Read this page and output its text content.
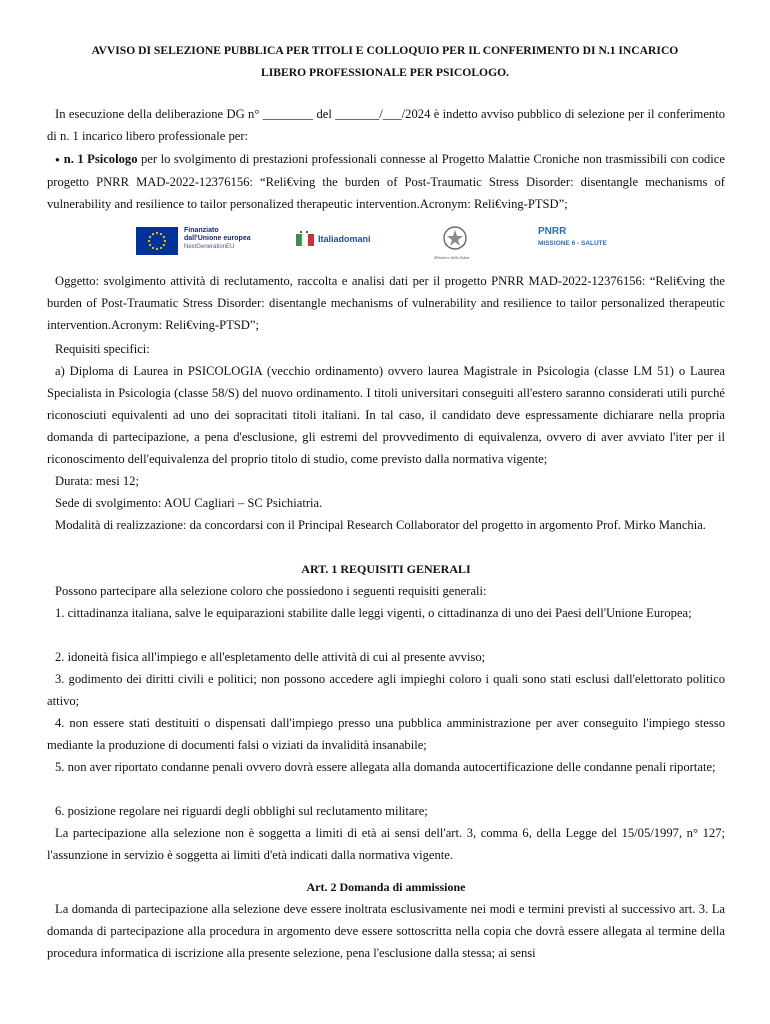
AVVISO DI SELEZIONE PUBBLICA PER TITOLI E COLLOQUIO PER IL CONFERIMENTO DI N.1 INCARICO
LIBERO PROFESSIONALE PER PSICOLOGO.

In esecuzione della deliberazione DG n° ________ del _______/___/2024 è indetto avviso pubblico di selezione per il conferimento di n. 1 incarico libero professionale per:

● n. 1 Psicologo per lo svolgimento di prestazioni professionali connesse al Progetto Malattie Croniche non trasmissibili con codice progetto PNRR MAD-2022-12376156: “Reli€ving the burden of Post-Traumatic Stress Disorder: disentangle mechanisms of vulnerability and resilience to tailor personalized therapeutic intervention.Acronym: Reli€ving-PTSD”;

Finanziato
dall'Unione europea
NextGenerationEU
Italiadomani
Ministero della Salute
PNRR
MISSIONE 6 - SALUTE

Oggetto: svolgimento attività di reclutamento, raccolta e analisi dati per il progetto PNRR MAD-2022-12376156: “Reli€ving the burden of Post-Traumatic Stress Disorder: disentangle mechanisms of vulnerability and resilience to tailor personalized therapeutic intervention.Acronym: Reli€ving-PTSD”;

Requisiti specifici:

a) Diploma di Laurea in PSICOLOGIA (vecchio ordinamento) ovvero laurea Magistrale in Psicologia (classe LM 51) o Laurea Specialista in Psicologia (classe 58/S) del nuovo ordinamento. I titoli universitari conseguiti all'estero saranno considerati utili purché riconosciuti equivalenti ad uno dei sopracitati titoli italiani. In tal caso, il candidato deve espressamente dichiarare nella propria domanda di partecipazione, a pena d'esclusione, gli estremi del provvedimento di equivalenza, ovvero di aver avviato l'iter per il riconoscimento dell'equivalenza del proprio titolo di studio, come previsto dalla normativa vigente;

Durata: mesi 12;

Sede di svolgimento: AOU Cagliari – SC Psichiatria.

Modalità di realizzazione: da concordarsi con il Principal Research Collaborator del progetto in argomento Prof. Mirko Manchia.

ART. 1 REQUISITI GENERALI

Possono partecipare alla selezione coloro che possiedono i seguenti requisiti generali:

1. cittadinanza italiana, salve le equiparazioni stabilite dalle leggi vigenti, o cittadinanza di uno dei Paesi dell'Unione Europea;

2. idoneità fisica all'impiego e all'espletamento delle attività di cui al presente avviso;

3. godimento dei diritti civili e politici; non possono accedere agli impieghi coloro i quali sono stati esclusi dall'elettorato politico attivo;

4. non essere stati destituiti o dispensati dall'impiego presso una pubblica amministrazione per aver conseguito l'impiego stesso mediante la produzione di documenti falsi o viziati da invalidità insanabile;

5. non aver riportato condanne penali ovvero dovrà essere allegata alla domanda autocertificazione delle condanne penali riportate;

6. posizione regolare nei riguardi degli obblighi sul reclutamento militare;

La partecipazione alla selezione non è soggetta a limiti di età ai sensi dell'art. 3, comma 6, della Legge del 15/05/1997, n° 127; l'assunzione in servizio è soggetta ai limiti d'età indicati dalla normativa vigente.

Art. 2 Domanda di ammissione

La domanda di partecipazione alla selezione deve essere inoltrata esclusivamente nei modi e termini previsti al successivo art. 3. La domanda di partecipazione alla procedura in argomento deve essere sottoscritta nella copia che dovrà essere allegata al termine della procedura informatica di iscrizione alla presente selezione, pena l'esclusione dalla stessa; ai sensi
